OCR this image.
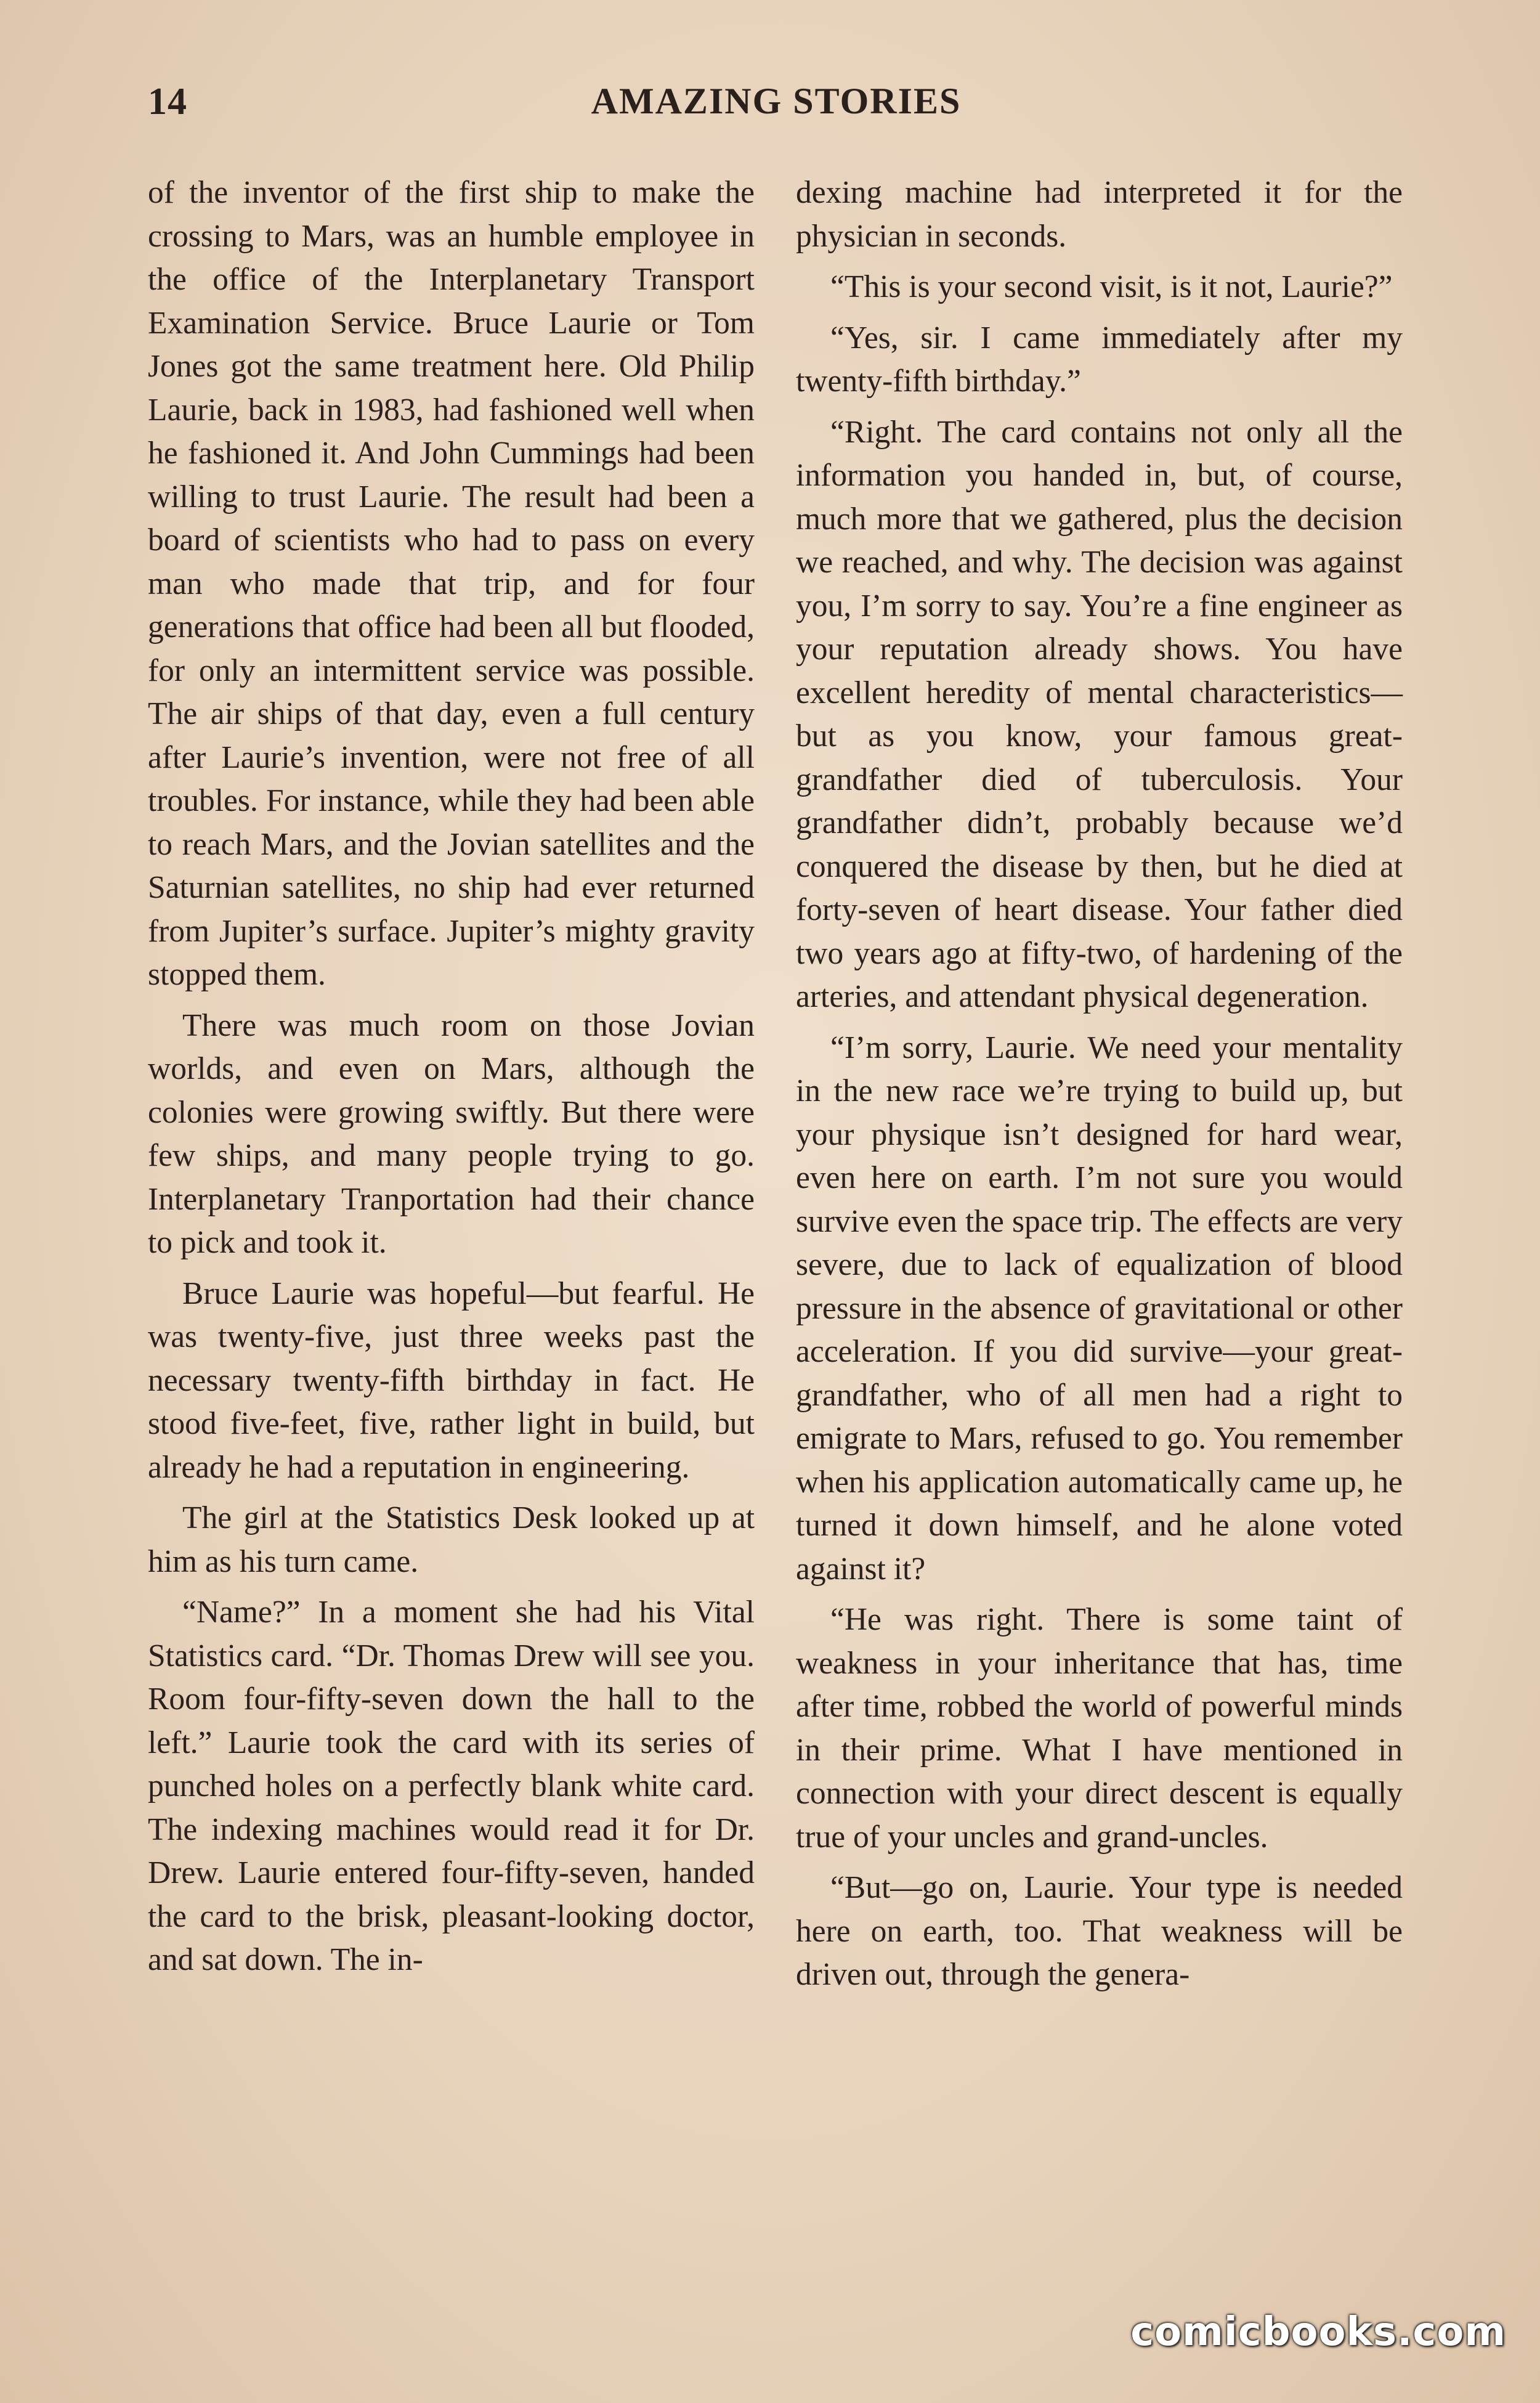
14	AMAZING STORIES

of the inventor of the first ship to make the crossing to Mars, was an humble employee in the office of the Interplanetary Transport Examination Service. Bruce Laurie or Tom Jones got the same treatment here. Old Philip Laurie, back in 1983, had fashioned well when he fashioned it. And John Cummings had been willing to trust Laurie. The result had been a board of scientists who had to pass on every man who made that trip, and for four generations that office had been all but flooded, for only an intermittent service was possible. The air ships of that day, even a full century after Laurie’s invention, were not free of all troubles. For instance, while they had been able to reach Mars, and the Jovian satellites and the Saturnian satellites, no ship had ever returned from Jupiter’s surface. Jupiter’s mighty gravity stopped them.

There was much room on those Jovian worlds, and even on Mars, although the colonies were growing swiftly. But there were few ships, and many people trying to go. Interplanetary Tranportation had their chance to pick and took it.

Bruce Laurie was hopeful—but fearful. He was twenty-five, just three weeks past the necessary twenty-fifth birthday in fact. He stood five-feet, five, rather light in build, but already he had a reputation in engineering.

The girl at the Statistics Desk looked up at him as his turn came.

“Name?” In a moment she had his Vital Statistics card. “Dr. Thomas Drew will see you. Room four-fifty-seven down the hall to the left.” Laurie took the card with its series of punched holes on a perfectly blank white card. The indexing machines would read it for Dr. Drew. Laurie entered four-fifty-seven, handed the card to the brisk, pleasant-looking doctor, and sat down. The in-

dexing machine had interpreted it for the physician in seconds.

“This is your second visit, is it not, Laurie?”

“Yes, sir. I came immediately after my twenty-fifth birthday.”

“Right. The card contains not only all the information you handed in, but, of course, much more that we gathered, plus the decision we reached, and why. The decision was against you, I’m sorry to say. You’re a fine engineer as your reputation already shows. You have excellent heredity of mental characteristics—but as you know, your famous great-grandfather died of tuberculosis. Your grandfather didn’t, probably because we’d conquered the disease by then, but he died at forty-seven of heart disease. Your father died two years ago at fifty-two, of hardening of the arteries, and attendant physical degeneration.

“I’m sorry, Laurie. We need your mentality in the new race we’re trying to build up, but your physique isn’t designed for hard wear, even here on earth. I’m not sure you would survive even the space trip. The effects are very severe, due to lack of equalization of blood pressure in the absence of gravitational or other acceleration. If you did survive—your great-grandfather, who of all men had a right to emigrate to Mars, refused to go. You remember when his application automatically came up, he turned it down himself, and he alone voted against it?

“He was right. There is some taint of weakness in your inheritance that has, time after time, robbed the world of powerful minds in their prime. What I have mentioned in connection with your direct descent is equally true of your uncles and grand-uncles.

“But—go on, Laurie. Your type is needed here on earth, too. That weakness will be driven out, through the genera-

comicbooks.com
